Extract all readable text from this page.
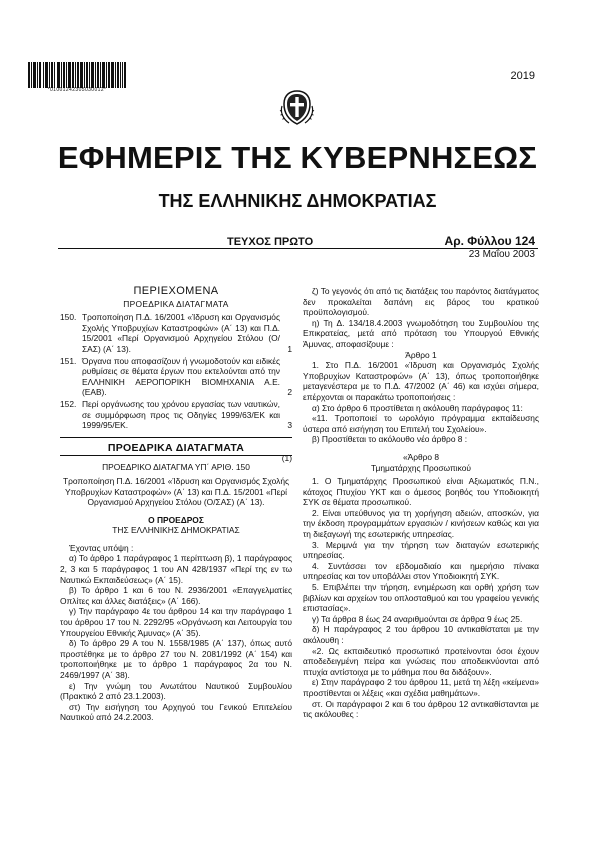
*01001242305030012*
2019
ΕΦΗΜΕΡΙΣ ΤΗΣ ΚΥΒΕΡΝΗΣΕΩΣ
ΤΗΣ ΕΛΛΗΝΙΚΗΣ ΔΗΜΟΚΡΑΤΙΑΣ
ΤΕΥΧΟΣ ΠΡΩΤΟ	Αρ. Φύλλου 124
23 Μαΐου 2003
ΠΕΡΙΕΧΟΜΕΝΑ
ΠΡΟΕΔΡΙΚΑ ΔΙΑΤΑΓΜΑΤΑ
150. Τροποποίηση Π.Δ. 16/2001 «Ίδρυση και Οργανισμός Σχολής Υποβρυχίων Καταστροφών» (Α΄ 13) και Π.Δ. 15/2001 «Περί Οργανισμού Αρχηγείου Στόλου (Ο/ΣΑΣ) (Α΄ 13).	1
151. Όργανα που αποφασίζουν ή γνωμοδοτούν και ειδικές ρυθμίσεις σε θέματα έργων που εκτελούνται από την ΕΛΛΗΝΙΚΗ ΑΕΡΟΠΟΡΙΚΗ ΒΙΟΜΗΧΑΝΙΑ Α.Ε. (ΕΑΒ).	2
152. Περί οργάνωσης του χρόνου εργασίας των ναυτικών, σε συμμόρφωση προς τις Οδηγίες 1999/63/ΕΚ και 1999/95/ΕΚ.	3
ΠΡΟΕΔΡΙΚΑ ΔΙΑΤΑΓΜΑΤΑ
(1)
ΠΡΟΕΔΡΙΚΟ ΔΙΑΤΑΓΜΑ ΥΠ΄ ΑΡΙΘ. 150

Τροποποίηση Π.Δ. 16/2001 «Ίδρυση και Οργανισμός Σχολής Υποβρυχίων Καταστροφών» (Α΄ 13) και Π.Δ. 15/2001 «Περί Οργανισμού Αρχηγείου Στόλου (Ο/ΣΑΣ) (Α΄ 13).

Ο ΠΡΟΕΔΡΟΣ

ΤΗΣ ΕΛΛΗΝΙΚΗΣ ΔΗΜΟΚΡΑΤΙΑΣ

Έχοντας υπόψη :

α) Το άρθρο 1 παράγραφος 1 περίπτωση β), 1 παράγραφος 2, 3 και 5 παράγραφος 1 του ΑΝ 428/1937 «Περί της εν τω Ναυτικώ Εκπαιδεύσεως» (Α΄ 15).

β) Το άρθρο 1 και 6 του Ν. 2936/2001 «Επαγγελματίες Οπλίτες και άλλες διατάξεις» (Α΄ 166).

γ) Την παράγραφο 4ε του άρθρου 14 και την παράγραφο 1 του άρθρου 17 του Ν. 2292/95 «Οργάνωση και Λειτουργία του Υπουργείου Εθνικής Άμυνας» (Α΄ 35).

δ) Το άρθρο 29 Α του Ν. 1558/1985 (Α΄ 137), όπως αυτό προστέθηκε με το άρθρο 27 του Ν. 2081/1992 (Α΄ 154) και τροποποιήθηκε με το άρθρο 1 παράγραφος 2α του Ν. 2469/1997 (Α΄ 38).

ε) Την γνώμη του Ανωτάτου Ναυτικού Συμβουλίου (Πρακτικό 2 από 23.1.2003).

στ) Την εισήγηση του Αρχηγού του Γενικού Επιτελείου Ναυτικού από 24.2.2003.

ζ) Το γεγονός ότι από τις διατάξεις του παρόντος διατάγματος δεν προκαλείται δαπάνη εις βάρος του κρατικού προϋπολογισμού.

η) Τη Δ. 134/18.4.2003 γνωμοδότηση του Συμβουλίου της Επικρατείας, μετά από πρόταση του Υπουργού Εθνικής Άμυνας, αποφασίζουμε :

Άρθρο 1

1. Στο Π.Δ. 16/2001 «Ίδρυση και Οργανισμός Σχολής Υποβρυχίων Καταστροφών» (Α΄ 13), όπως τροποποιήθηκε μεταγενέστερα με το Π.Δ. 47/2002 (Α΄ 46) και ισχύει σήμερα, επέρχονται οι παρακάτω τροποποιήσεις :

α) Στο άρθρο 6 προστίθεται η ακόλουθη παράγραφος 11:

«11. Τροποποιεί το ωρολόγιο πρόγραμμα εκπαίδευσης ύστερα από εισήγηση του Επιτελή του Σχολείου».

β) Προστίθεται το ακόλουθο νέο άρθρο 8 :

«Άρθρο 8

Τμηματάρχης Προσωπικού

1. Ο Τμηματάρχης Προσωπικού είναι Αξιωματικός Π.Ν., κάτοχος Πτυχίου ΥΚΤ και ο άμεσος βοηθός του Υποδιοικητή ΣΥΚ σε θέματα προσωπικού.

2. Είναι υπεύθυνος για τη χορήγηση αδειών, αποσκών, για την έκδοση προγραμμάτων εργασιών / κινήσεων καθώς και για τη διεξαγωγή της εσωτερικής υπηρεσίας.

3. Μεριμνά για την τήρηση των διαταγών εσωτερικής υπηρεσίας.

4. Συντάσσει τον εβδομαδιαίο και ημερήσιο πίνακα υπηρεσίας και τον υποβάλλει στον Υποδιοικητή ΣΥΚ.

5. Επιβλέπει την τήρηση, ενημέρωση και ορθή χρήση των βιβλίων και αρχείων του οπλοσταθμού και του γραφείου γενικής επιστασίας».

γ) Τα άρθρα 8 έως 24 αναριθμούνται σε άρθρα 9 έως 25.

δ) Η παράγραφος 2 του άρθρου 10 αντικαθίσταται με την ακόλουθη :

«2. Ως εκπαιδευτικό προσωπικό προτείνονται όσοι έχουν αποδεδειγμένη πείρα και γνώσεις που αποδεικνύονται από πτυχία αντίστοιχα με το μάθημα που θα διδάξουν».

ε) Στην παράγραφο 2 του άρθρου 11, μετά τη λέξη «κείμενα» προστίθενται οι λέξεις «και σχέδια μαθημάτων».

στ. Οι παράγραφοι 2 και 6 του άρθρου 12 αντικαθίστανται με τις ακόλουθες :
